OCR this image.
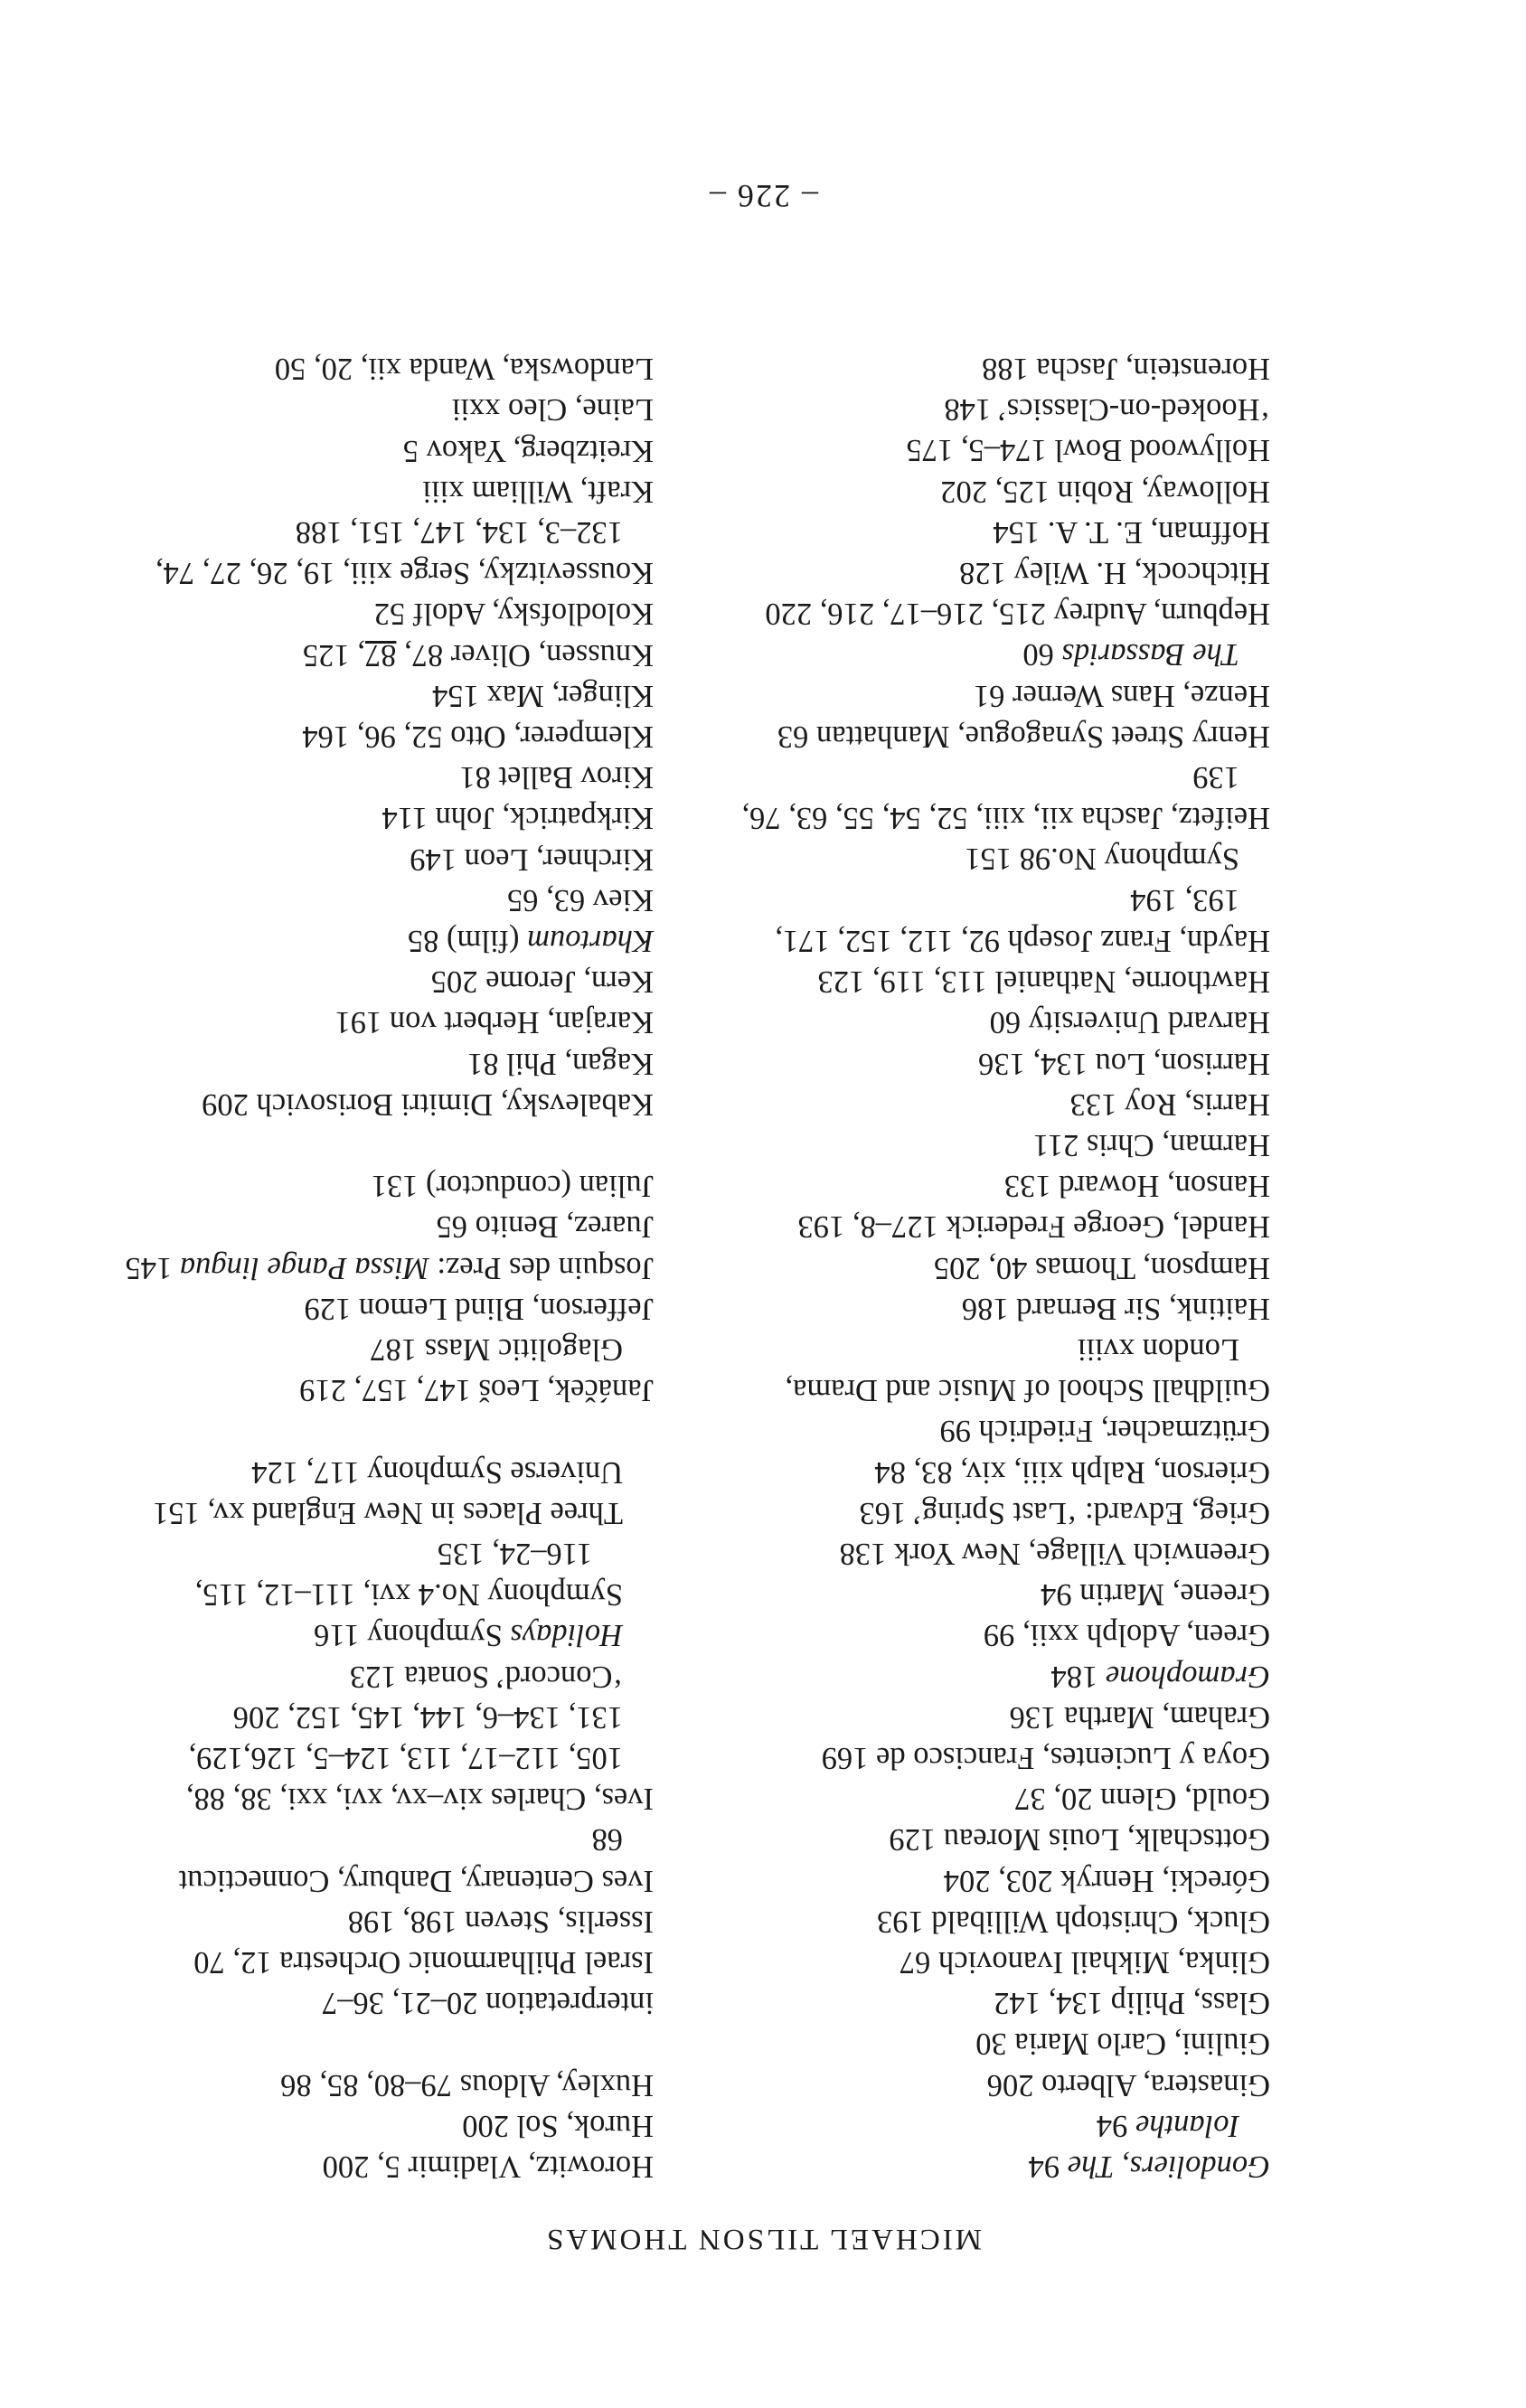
MICHAEL TILSON THOMAS
Gondoliers, The 94
Iolanthe 94
Ginastera, Alberto 206
Giulini, Carlo Maria 30
Glass, Philip 134, 142
Glinka, Mikhail Ivanovich 67
Gluck, Christoph Willibald 193
Górecki, Henryk 203, 204
Gottschalk, Louis Moreau 129
Gould, Glenn 20, 37
Goya y Lucientes, Francisco de 169
Graham, Martha 136
Gramophone 184
Green, Adolph xxii, 99
Greene, Martin 94
Greenwich Village, New York 138
Grieg, Edvard: ‘Last Spring’ 163
Grierson, Ralph xiii, xiv, 83, 84
Grützmacher, Friedrich 99
Guildhall School of Music and Drama,
London xviii
Haitink, Sir Bernard 186
Hampson, Thomas 40, 205
Handel, George Frederick 127–8, 193
Hanson, Howard 133
Harman, Chris 211
Harris, Roy 133
Harrison, Lou 134, 136
Harvard University 60
Hawthorne, Nathaniel 113, 119, 123
Haydn, Franz Joseph 92, 112, 152, 171,
193, 194
Symphony No.98 151
Heifetz, Jascha xii, xiii, 52, 54, 55, 63, 76,
139
Henry Street Synagogue, Manhattan 63
Henze, Hans Werner 61
The Bassarids 60
Hepburn, Audrey 215, 216–17, 216, 220
Hitchcock, H. Wiley 128
Hoffman, E. T. A. 154
Holloway, Robin 125, 202
Hollywood Bowl 174–5, 175
‘Hooked-on-Classics’ 148
Horenstein, Jascha 188
Horowitz, Vladimir 5, 200
Hurok, Sol 200
Huxley, Aldous 79–80, 85, 86
interpretation 20–21, 36–7
Israel Philharmonic Orchestra 12, 70
Isserlis, Steven 198, 198
Ives Centenary, Danbury, Connecticut
68
Ives, Charles xiv–xv, xvi, xxi, 38, 88,
105, 112–17, 113, 124–5, 126,129,
131, 134–6, 144, 145, 152, 206
‘Concord’ Sonata 123
Holidays Symphony 116
Symphony No.4 xvi, 111–12, 115,
116–24, 135
Three Places in New England xv, 151
Universe Symphony 117, 124
Janáček, Leoš 147, 157, 219
Glagolitic Mass 187
Jefferson, Blind Lemon 129
Josquin des Prez: Missa Pange lingua 145
Juarez, Benito 65
Julian (conductor) 131
Kabalevsky, Dimitri Borisovich 209
Kagan, Phil 81
Karajan, Herbert von 191
Kern, Jerome 205
Khartoum (film) 85
Kiev 63, 65
Kirchner, Leon 149
Kirkpatrick, John 114
Kirov Ballet 81
Klemperer, Otto 52, 96, 164
Klinger, Max 154
Knussen, Oliver 87, 87, 125
Kolodlofsky, Adolf 52
Koussevitzky, Serge xiii, 19, 26, 27, 74,
132–3, 134, 147, 151, 188
Kraft, William xiii
Kreitzberg, Yakov 5
Laine, Cleo xxii
Landowska, Wanda xii, 20, 50
– 226 –
